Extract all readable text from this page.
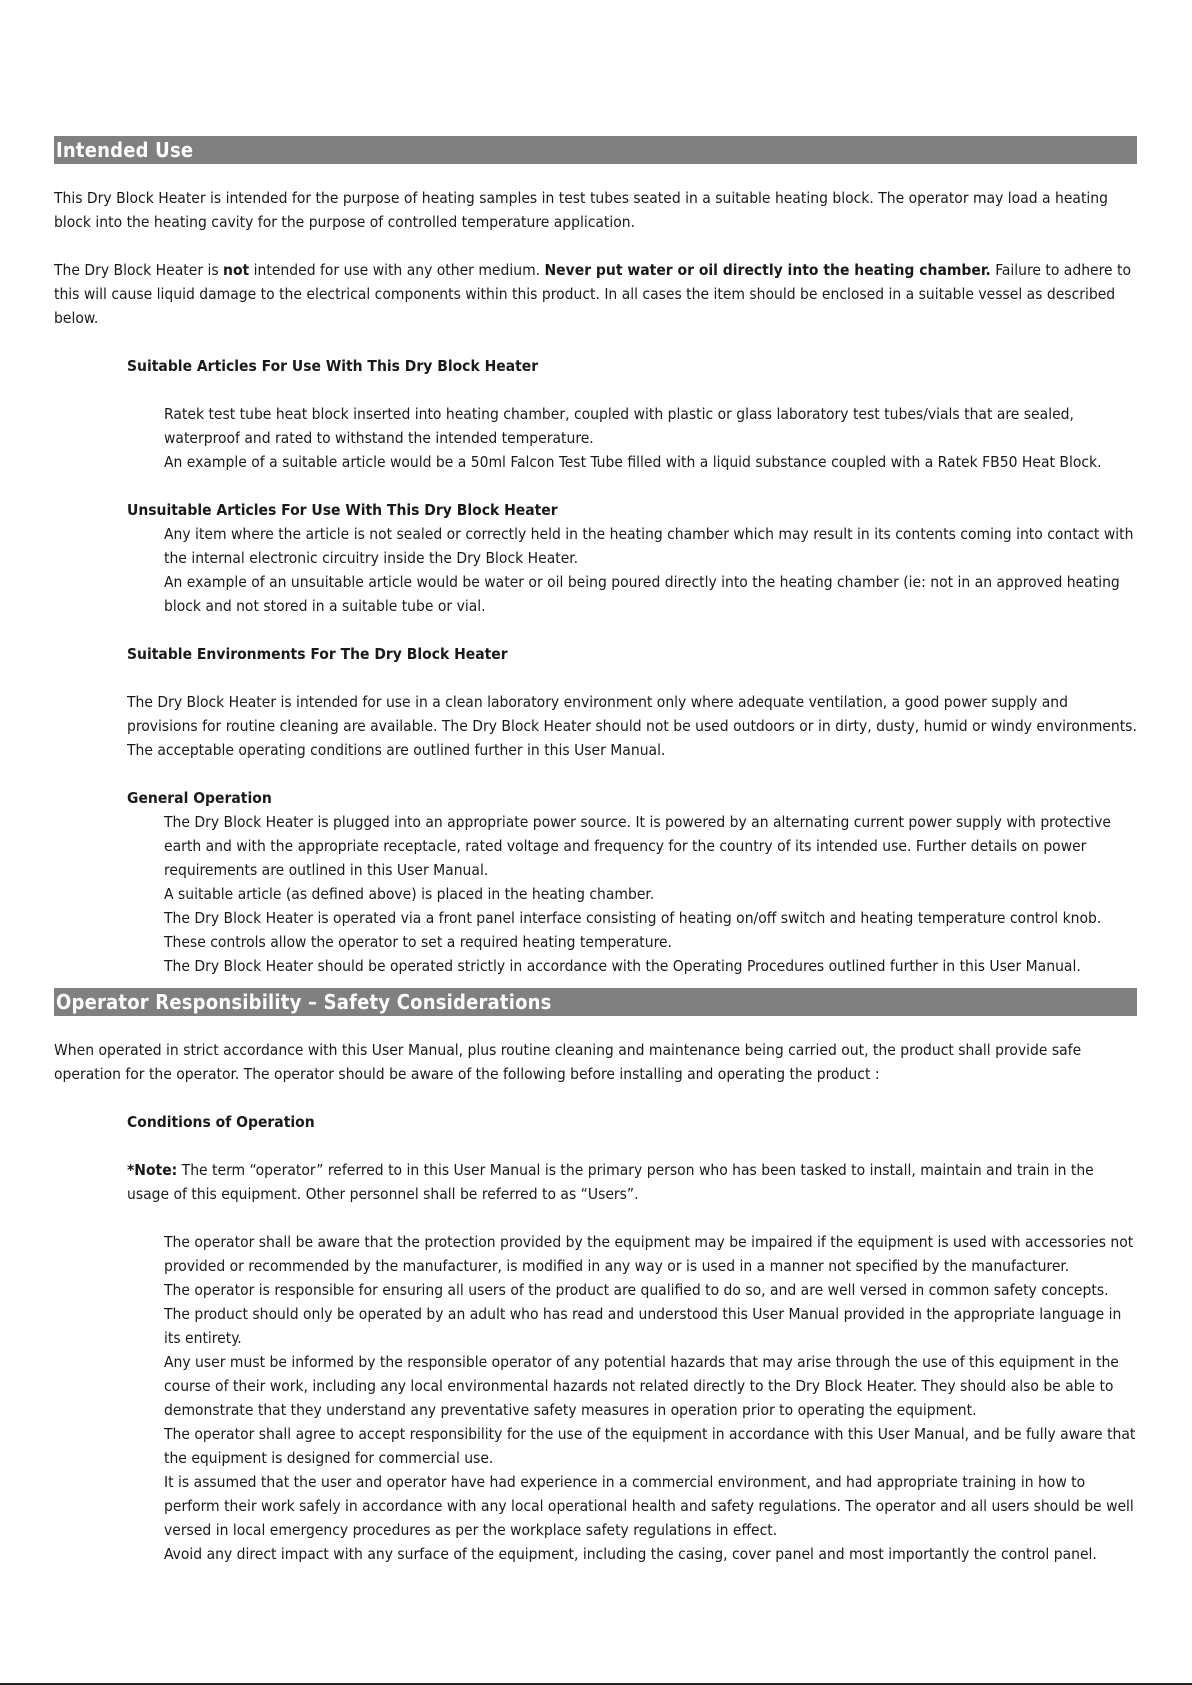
Intended Use

This Dry Block Heater is intended for the purpose of heating samples in test tubes seated in a suitable heating block. The operator may load a heating block into the heating cavity for the purpose of controlled temperature application.

The Dry Block Heater is not intended for use with any other medium. Never put water or oil directly into the heating chamber. Failure to adhere to this will cause liquid damage to the electrical components within this product. In all cases the item should be enclosed in a suitable vessel as described below.

Suitable Articles For Use With This Dry Block Heater

Ratek test tube heat block inserted into heating chamber, coupled with plastic or glass laboratory test tubes/vials that are sealed, waterproof and rated to withstand the intended temperature.

An example of a suitable article would be a 50ml Falcon Test Tube filled with a liquid substance coupled with a Ratek FB50 Heat Block.

Unsuitable Articles For Use With This Dry Block Heater

Any item where the article is not sealed or correctly held in the heating chamber which may result in its contents coming into contact with the internal electronic circuitry inside the Dry Block Heater.

An example of an unsuitable article would be water or oil being poured directly into the heating chamber (ie: not in an approved heating block and not stored in a suitable tube or vial.

Suitable Environments For The Dry Block Heater

The Dry Block Heater is intended for use in a clean laboratory environment only where adequate ventilation, a good power supply and provisions for routine cleaning are available. The Dry Block Heater should not be used outdoors or in dirty, dusty, humid or windy environments. The acceptable operating conditions are outlined further in this User Manual.

General Operation

The Dry Block Heater is plugged into an appropriate power source. It is powered by an alternating current power supply with protective earth and with the appropriate receptacle, rated voltage and frequency for the country of its intended use. Further details on power requirements are outlined in this User Manual.

A suitable article (as defined above) is placed in the heating chamber.

The Dry Block Heater is operated via a front panel interface consisting of heating on/off switch and heating temperature control knob. These controls allow the operator to set a required heating temperature.

The Dry Block Heater should be operated strictly in accordance with the Operating Procedures outlined further in this User Manual.

Operator Responsibility – Safety Considerations

When operated in strict accordance with this User Manual, plus routine cleaning and maintenance being carried out, the product shall provide safe operation for the operator. The operator should be aware of the following before installing and operating the product :

Conditions of Operation

*Note: The term “operator” referred to in this User Manual is the primary person who has been tasked to install, maintain and train in the usage of this equipment. Other personnel shall be referred to as “Users”.

The operator shall be aware that the protection provided by the equipment may be impaired if the equipment is used with accessories not provided or recommended by the manufacturer, is modified in any way or is used in a manner not specified by the manufacturer.

The operator is responsible for ensuring all users of the product are qualified to do so, and are well versed in common safety concepts. The product should only be operated by an adult who has read and understood this User Manual provided in the appropriate language in its entirety.

Any user must be informed by the responsible operator of any potential hazards that may arise through the use of this equipment in the course of their work, including any local environmental hazards not related directly to the Dry Block Heater. They should also be able to demonstrate that they understand any preventative safety measures in operation prior to operating the equipment.

The operator shall agree to accept responsibility for the use of the equipment in accordance with this User Manual, and be fully aware that the equipment is designed for commercial use.

It is assumed that the user and operator have had experience in a commercial environment, and had appropriate training in how to perform their work safely in accordance with any local operational health and safety regulations. The operator and all users should be well versed in local emergency procedures as per the workplace safety regulations in effect.

Avoid any direct impact with any surface of the equipment, including the casing, cover panel and most importantly the control panel.
